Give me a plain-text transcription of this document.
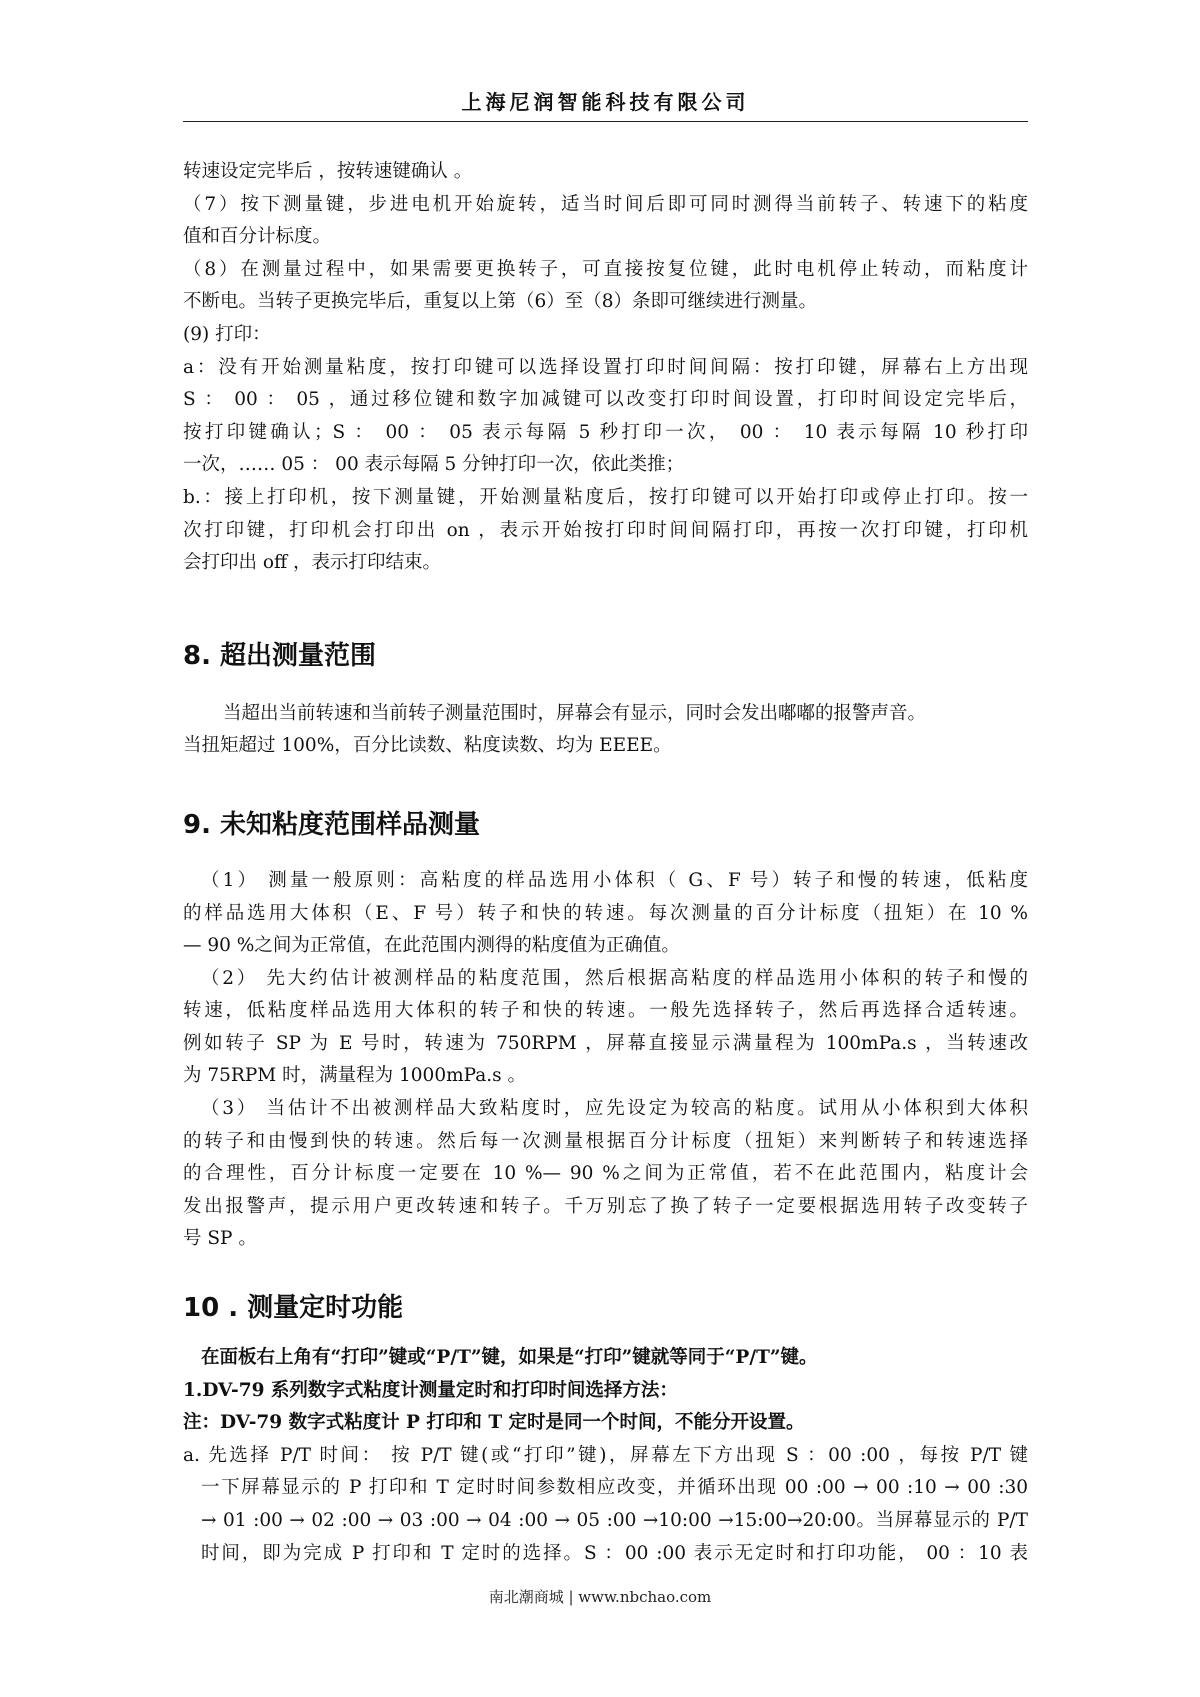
上海尼润智能科技有限公司
转速设定完毕后 ，按转速键确认 。
（7）按下测量键，步进电机开始旋转，适当时间后即可同时测得当前转子、转速下的粘度
值和百分计标度。
（8）在测量过程中，如果需要更换转子，可直接按复位键，此时电机停止转动，而粘度计
不断电。当转子更换完毕后，重复以上第（6）至（8）条即可继续进行测量。
(9) 打印：
a：没有开始测量粘度，按打印键可以选择设置打印时间间隔：按打印键，屏幕右上方出现
S ： 00 ： 05 ，通过移位键和数字加减键可以改变打印时间设置，打印时间设定完毕后，
按打印键确认；S ： 00 ： 05 表示每隔 5 秒打印一次， 00 ： 10 表示每隔 10 秒打印
一次，…… 05 ： 00 表示每隔 5 分钟打印一次，依此类推；
b.：接上打印机，按下测量键，开始测量粘度后，按打印键可以开始打印或停止打印。按一
次打印键，打印机会打印出 on ，表示开始按打印时间间隔打印，再按一次打印键，打印机
会打印出 off ，表示打印结束。
8. 超出测量范围
当超出当前转速和当前转子测量范围时，屏幕会有显示，同时会发出嘟嘟的报警声音。
当扭矩超过 100%，百分比读数、粘度读数、均为 EEEE。
9. 未知粘度范围样品测量
（1） 测量一般原则：高粘度的样品选用小体积（ G、F 号）转子和慢的转速，低粘度
的样品选用大体积（E、F 号）转子和快的转速。每次测量的百分计标度（扭矩）在 10 %
— 90 %之间为正常值，在此范围内测得的粘度值为正确值。
（2） 先大约估计被测样品的粘度范围，然后根据高粘度的样品选用小体积的转子和慢的
转速，低粘度样品选用大体积的转子和快的转速。一般先选择转子，然后再选择合适转速。
例如转子 SP 为 E 号时，转速为 750RPM ，屏幕直接显示满量程为 100mPa.s ，当转速改
为 75RPM 时，满量程为 1000mPa.s 。
（3） 当估计不出被测样品大致粘度时，应先设定为较高的粘度。试用从小体积到大体积
的转子和由慢到快的转速。然后每一次测量根据百分计标度（扭矩）来判断转子和转速选择
的合理性，百分计标度一定要在 10 %— 90 %之间为正常值，若不在此范围内，粘度计会
发出报警声，提示用户更改转速和转子。千万别忘了换了转子一定要根据选用转子改变转子
号 SP 。
10 . 测量定时功能
在面板右上角有“打印”键或“P/T”键，如果是“打印”键就等同于“P/T”键。
1.DV-79 系列数字式粘度计测量定时和打印时间选择方法：
注：DV-79 数字式粘度计 P 打印和 T 定时是同一个时间，不能分开设置。
a. 先选择 P/T 时间： 按 P/T 键(或“打印”键)，屏幕左下方出现 S ：00 :00 ，每按 P/T 键
一下屏幕显示的 P 打印和 T 定时时间参数相应改变，并循环出现 00 :00 → 00 :10 → 00 :30
→ 01 :00 → 02 :00 → 03 :00 → 04 :00 → 05 :00 →10:00 →15:00→20:00。当屏幕显示的 P/T
时间，即为完成 P 打印和 T 定时的选择。S ：00 :00 表示无定时和打印功能， 00 ：10 表
南北潮商城 | www.nbchao.com
